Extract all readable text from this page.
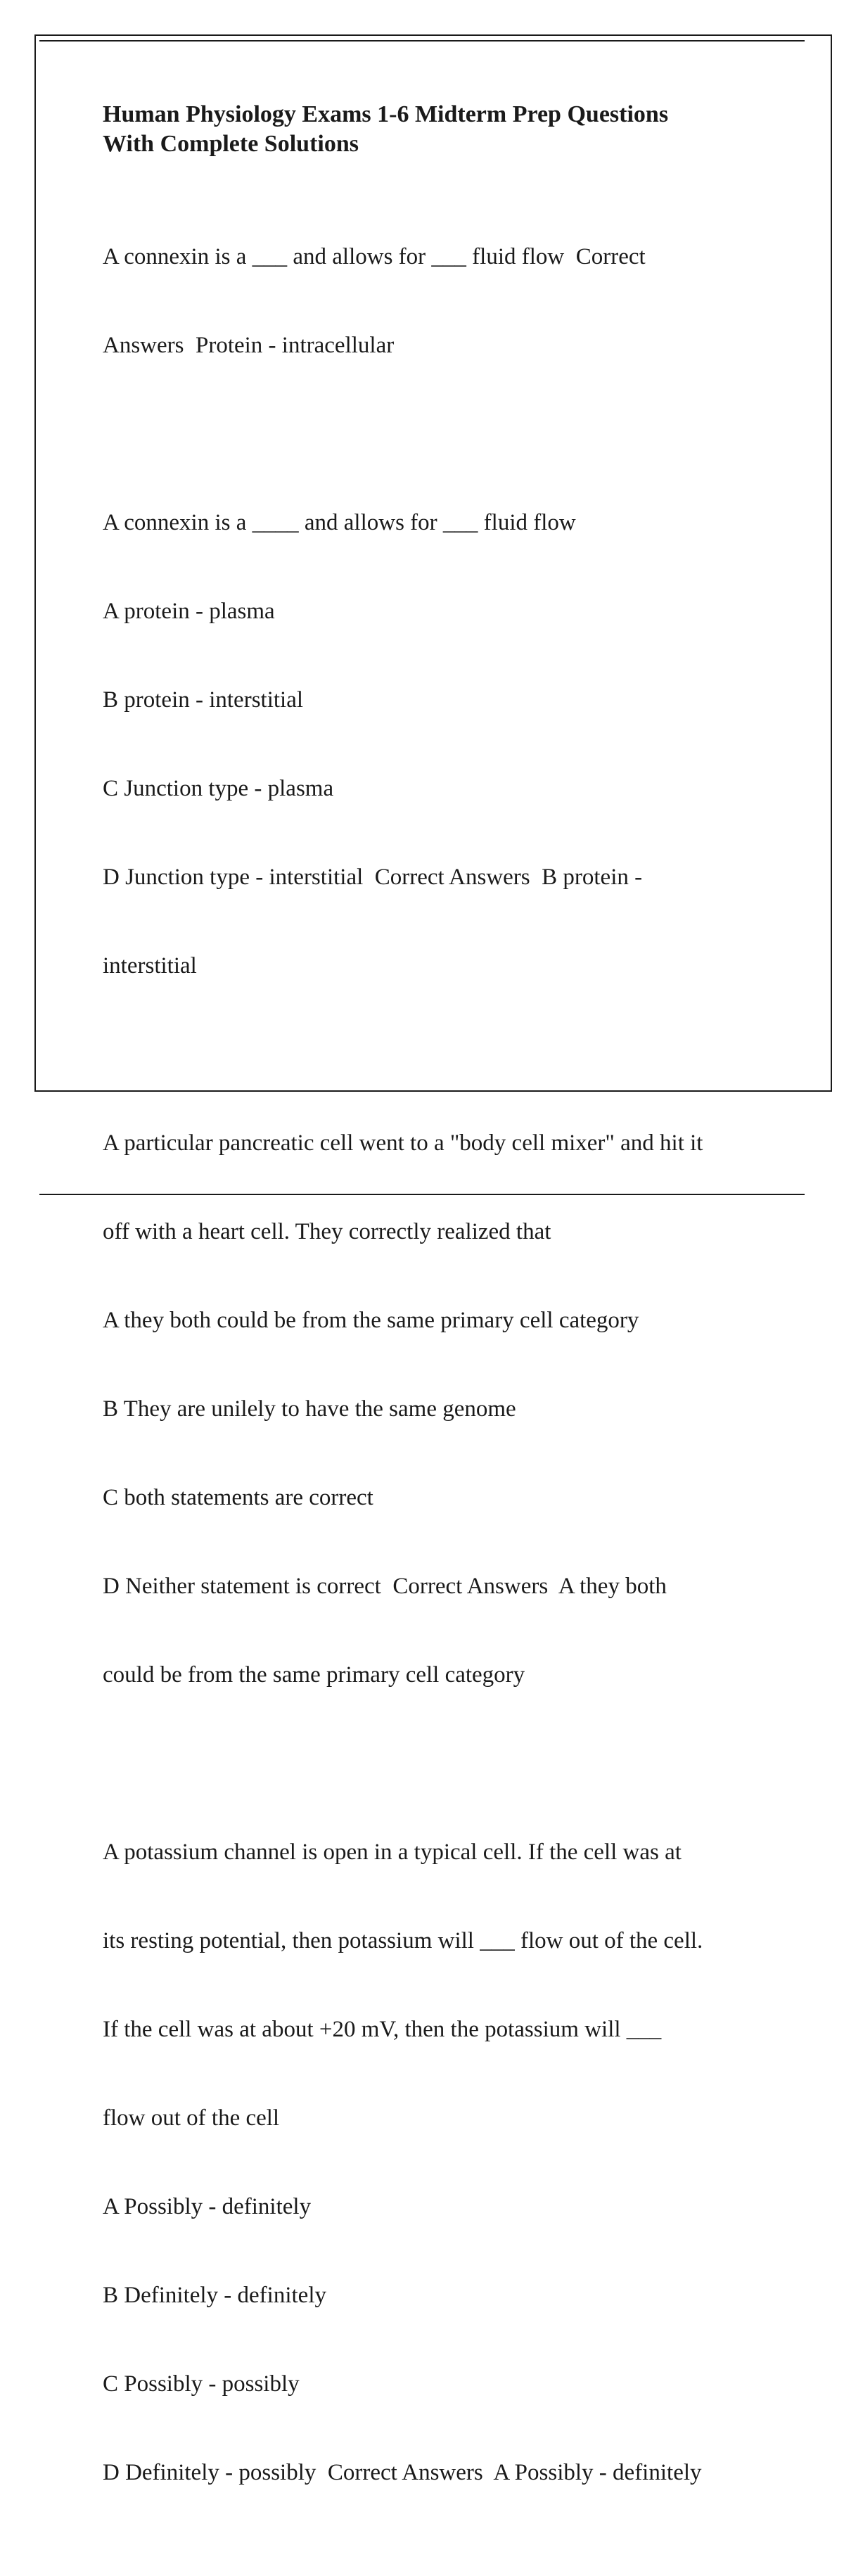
Human Physiology Exams 1-6 Midterm Prep Questions
With Complete Solutions

A connexin is a ___ and allows for ___ fluid flow  Correct

Answers  Protein - intracellular

A connexin is a ____ and allows for ___ fluid flow

A protein - plasma

B protein - interstitial

C Junction type - plasma

D Junction type - interstitial  Correct Answers  B protein -

interstitial

A particular pancreatic cell went to a "body cell mixer" and hit it

off with a heart cell. They correctly realized that

A they both could be from the same primary cell category

B They are unilely to have the same genome

C both statements are correct

D Neither statement is correct  Correct Answers  A they both

could be from the same primary cell category

A potassium channel is open in a typical cell. If the cell was at

its resting potential, then potassium will ___ flow out of the cell.

If the cell was at about +20 mV, then the potassium will ___

flow out of the cell

A Possibly - definitely

B Definitely - definitely

C Possibly - possibly

D Definitely - possibly  Correct Answers  A Possibly - definitely
